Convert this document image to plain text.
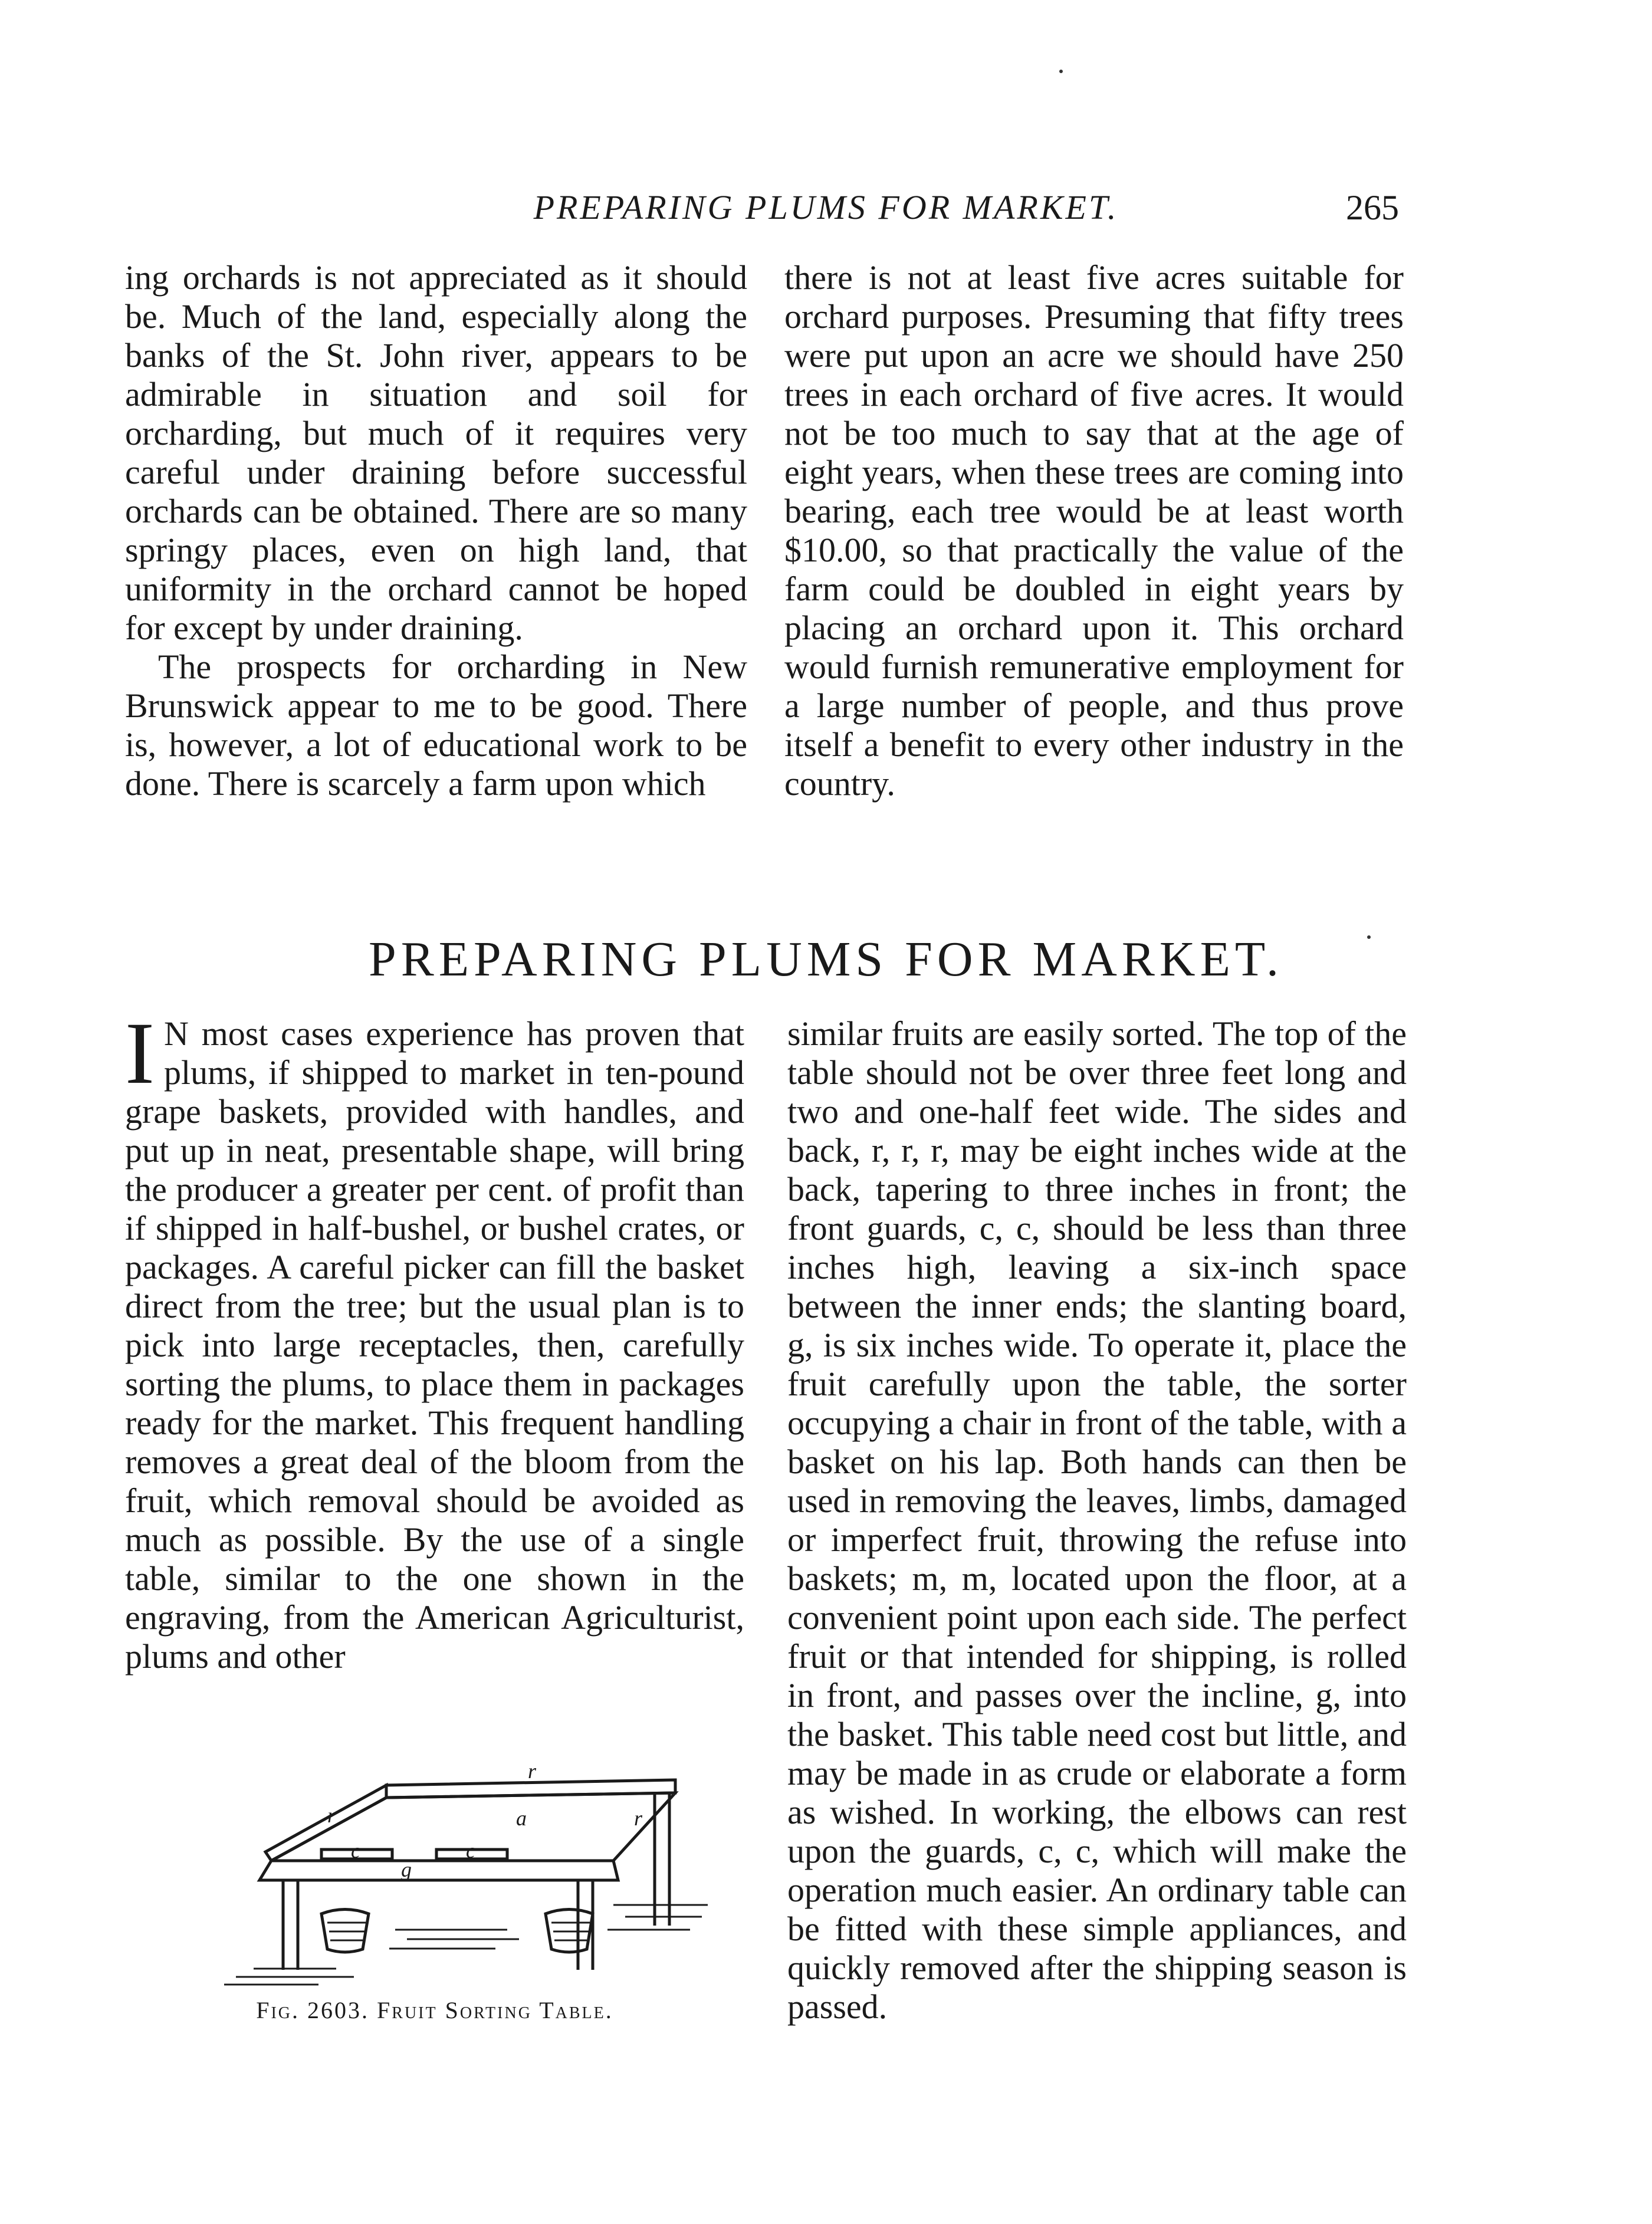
PREPARING PLUMS FOR MARKET.	265

ing orchards is not appreciated as it should be. Much of the land, especially along the banks of the St. John river, appears to be admirable in situation and soil for orcharding, but much of it requires very careful under draining before successful orchards can be obtained. There are so many springy places, even on high land, that uniformity in the orchard cannot be hoped for except by under draining.

The prospects for orcharding in New Brunswick appear to me to be good. There is, however, a lot of educational work to be done. There is scarcely a farm upon which

there is not at least five acres suitable for orchard purposes. Presuming that fifty trees were put upon an acre we should have 250 trees in each orchard of five acres. It would not be too much to say that at the age of eight years, when these trees are coming into bearing, each tree would be at least worth $10.00, so that practically the value of the farm could be doubled in eight years by placing an orchard upon it. This orchard would furnish remunerative employment for a large number of people, and thus prove itself a benefit to every other industry in the country.

PREPARING PLUMS FOR MARKET.

I N most cases experience has proven that plums, if shipped to market in ten-pound grape baskets, provided with handles, and put up in neat, presentable shape, will bring the producer a greater per cent. of profit than if shipped in half-bushel, or bushel crates, or packages. A careful picker can fill the basket direct from the tree; but the usual plan is to pick into large receptacles, then, carefully sorting the plums, to place them in packages ready for the market. This frequent handling removes a great deal of the bloom from the fruit, which removal should be avoided as much as possible. By the use of a single table, similar to the one shown in the engraving, from the American Agriculturist, plums and other

similar fruits are easily sorted. The top of the table should not be over three feet long and two and one-half feet wide. The sides and back, r, r, r, may be eight inches wide at the back, tapering to three inches in front; the front guards, c, c, should be less than three inches high, leaving a six-inch space between the inner ends; the slanting board, g, is six inches wide. To operate it, place the fruit carefully upon the table, the sorter occupying a chair in front of the table, with a basket on his lap. Both hands can then be used in removing the leaves, limbs, damaged or imperfect fruit, throwing the refuse into baskets; m, m, located upon the floor, at a convenient point upon each side. The perfect fruit or that intended for shipping, is rolled in front, and passes over the incline, g, into the basket. This table need cost but little, and may be made in as crude or elaborate a form as wished. In working, the elbows can rest upon the guards, c, c, which will make the operation much easier. An ordinary table can be fitted with these simple appliances, and quickly removed after the shipping season is passed.

r
r	r
a
c	c
g
Fig. 2603. Fruit Sorting Table.
